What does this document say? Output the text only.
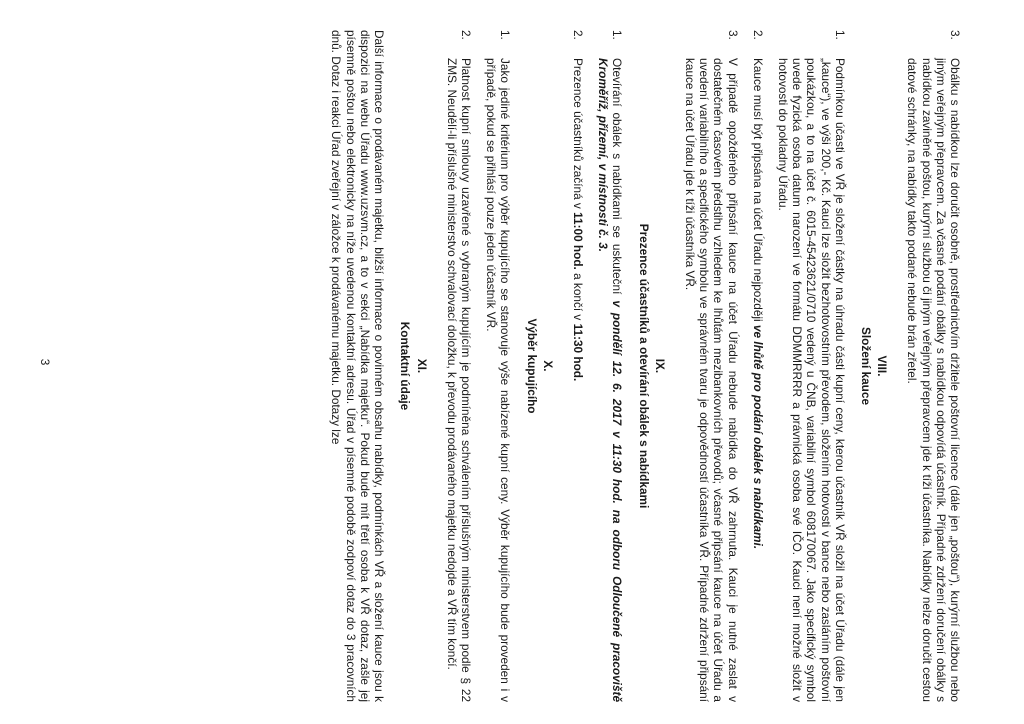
3.
Obálku s nabídkou lze doručit osobně, prostřednictvím držitele poštovní licence (dále jen „poštou“), kurýrní službou nebo jiným veřejným přepravcem. Za včasné podání obálky s nabídkou odpovídá účastník. Případné zdržení doručení obálky s nabídkou zaviněné poštou, kurýrní službou či jiným veřejným přepravcem jde k tíži účastníka. Nabídky nelze doručit cestou datové schránky, na nabídky takto podané nebude brán zřetel.
VIII.
Složení kauce
1.
Podmínkou účasti ve VŘ je složení částky na úhradu části kupní ceny, kterou účastník VŘ složil na účet Úřadu (dále jen „kauce“), ve výši 200,- Kč. Kauci lze složit bezhotovostním převodem, složením hotovosti v bance nebo zasláním poštovní poukázkou, a to na účet č. 6015-45423621/0710 vedený u ČNB, variabilní symbol 608170067. Jako specifický symbol uvede fyzická osoba datum narození ve formátu DDMMRRRR a právnická osoba své IČO. Kauci není možné složit v hotovosti do pokladny Úřadu.
2.
Kauce musí být připsána na účet Úřadu nejpozději ve lhůtě pro podání obálek s nabídkami.
3.
V případě opožděného připsání kauce na účet Úřadu nebude nabídka do VŘ zahrnuta. Kauci je nutné zaslat v dostatečném časovém předstihu vzhledem ke lhůtám mezibankovních převodů; včasné připsání kauce na účet Úřadu a uvedení variabilního a specifického symbolu ve správném tvaru je odpovědností účastníka VŘ. Případné zdržení připsání kauce na účet Úřadu jde k tíži účastníka VŘ.
IX.
Prezence účastníků a otevírání obálek s nabídkami
1.
Otevírání obálek s nabídkami se uskuteční v pondělí 12. 6. 2017 v 11:30 hod. na odboru Odloučené pracoviště Kroměříž, přízemí, v místnosti č. 3.
2.
Prezence účastníků začíná v 11:00 hod. a končí v 11:30 hod.
X.
Výběr kupujícího
1.
Jako jediné kritérium pro výběr kupujícího se stanovuje výše nabízené kupní ceny. Výběr kupujícího bude proveden i v případě, pokud se přihlásí pouze jeden účastník VŘ.
2.
Platnost kupní smlouvy uzavřené s vybraným kupujícím je podmíněna schválením příslušným ministerstvem podle § 22 ZMS. Neudělí-li příslušné ministerstvo schvalovací doložku, k převodu prodávaného majetku nedojde a VŘ tím končí.
XI.
Kontaktní údaje
Další informace o prodávaném majetku, bližší informace o povinném obsahu nabídky, podmínkách VŘ a složení kauce jsou k dispozici na webu Úřadu www.uzsvm.cz, a to v sekci „Nabídka majetku“. Pokud bude mít třetí osoba k VŘ dotaz, zašle jej písemně poštou nebo elektronicky na níže uvedenou kontaktní adresu. Úřad v písemné podobě zodpoví dotaz do 3 pracovních dnů. Dotaz i reakci Úřad zveřejní v záložce k prodávanému majetku. Dotazy lze
3
